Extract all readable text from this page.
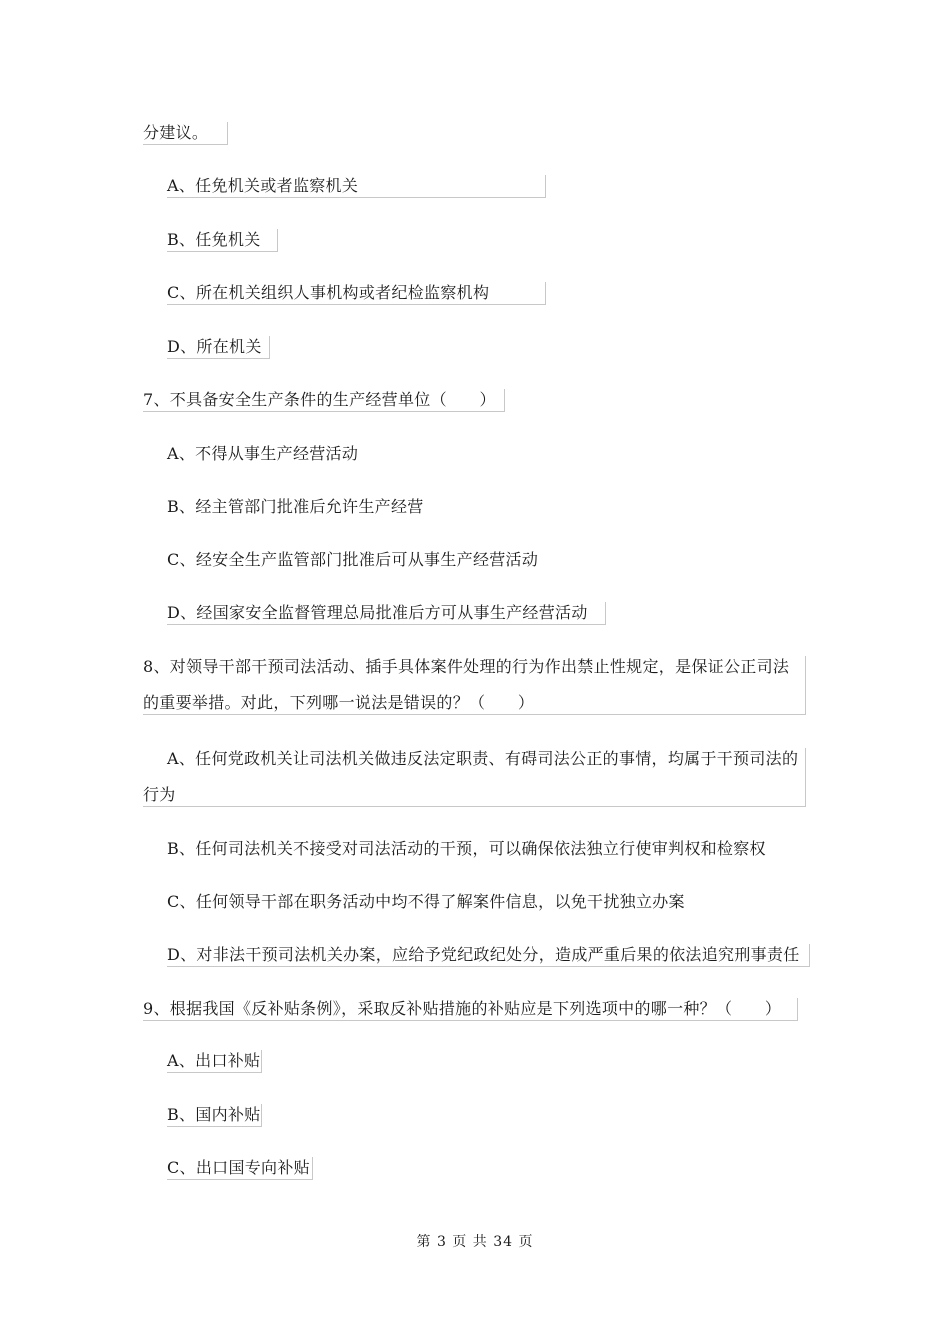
分建议。
A、任免机关或者监察机关
B、任免机关
C、所在机关组织人事机构或者纪检监察机构
D、所在机关
7、不具备安全生产条件的生产经营单位（　　）
A、不得从事生产经营活动
B、经主管部门批准后允许生产经营
C、经安全生产监管部门批准后可从事生产经营活动
D、经国家安全监督管理总局批准后方可从事生产经营活动
8、对领导干部干预司法活动、插手具体案件处理的行为作出禁止性规定，是保证公正司法
的重要举措。对此，下列哪一说法是错误的？（　　）
A、任何党政机关让司法机关做违反法定职责、有碍司法公正的事情，均属于干预司法的
行为
B、任何司法机关不接受对司法活动的干预，可以确保依法独立行使审判权和检察权
C、任何领导干部在职务活动中均不得了解案件信息，以免干扰独立办案
D、对非法干预司法机关办案，应给予党纪政纪处分，造成严重后果的依法追究刑事责任
9、根据我国《反补贴条例》，采取反补贴措施的补贴应是下列选项中的哪一种？（　　）
A、出口补贴
B、国内补贴
C、出口国专向补贴
第 3 页 共 34 页
